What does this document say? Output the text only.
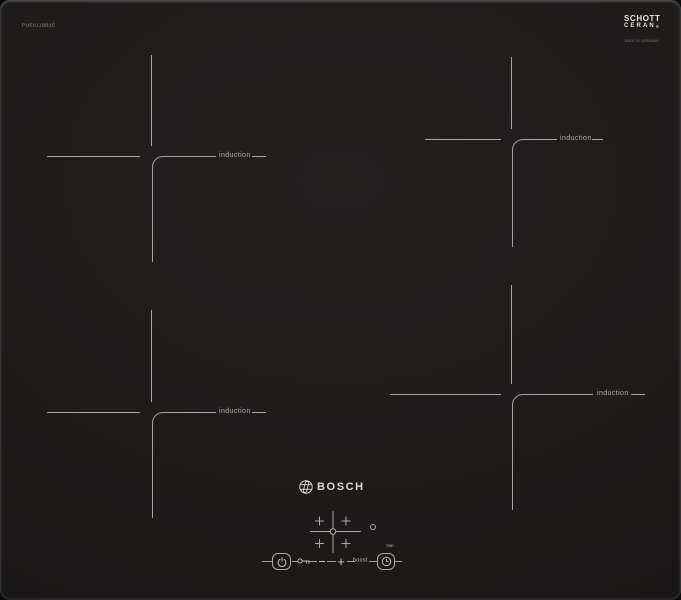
PUE611BB1E
SCHOTT
CERAN®
MADE IN GERMANY
induction
induction
induction
induction
BOSCH
− + boost
min
